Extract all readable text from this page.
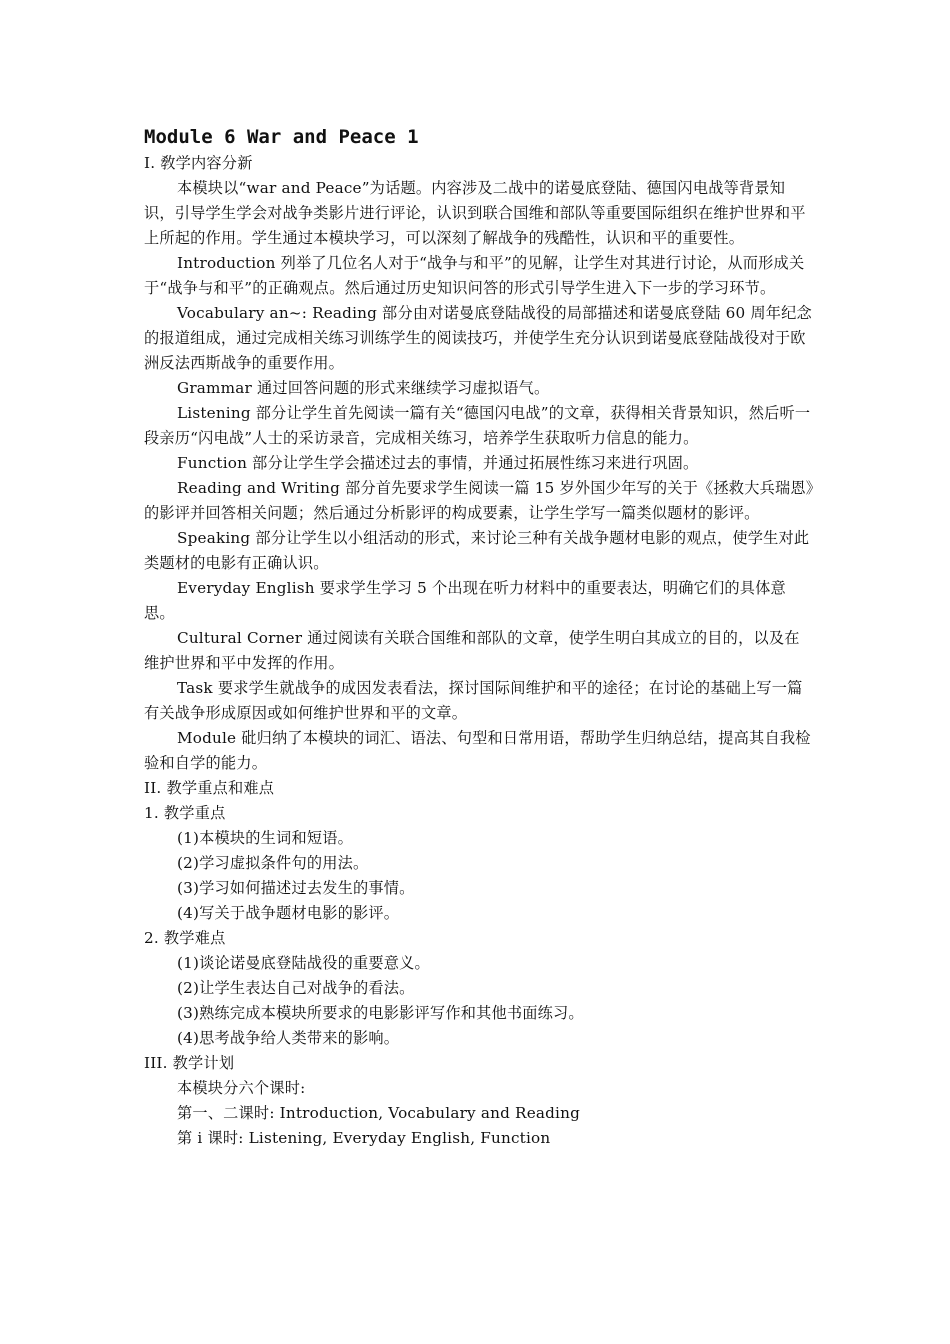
Module 6 War and Peace 1

I. 敎学内容分新

本模块以“war and Peace”为话题。内容涉及二战中的诺曼底登陆、德国闪电战等背景知识，引导学生学会对战争类影片进行评论，认识到联合国维和部队等重要国际组织在维护世界和平上所起的作用。学生通过本模块学习，可以深刻了解战争的残酷性，认识和平的重要性。

Introduction 列举了几位名人对于“战争与和平”的见解，让学生对其进行讨论，从而形成关于“战争与和平”的正确观点。然后通过历史知识问答的形式引导学生进入下一步的学习环节。

Vocabulary an~: Reading 部分由对诺曼底登陆战役的局部描述和诺曼底登陆 60 周年纪念的报道组成，通过完成相关练习训练学生的阅读技巧，并使学生充分认识到诺曼底登陆战役对于欧洲反法西斯战争的重要作用。

Grammar 通过回答问题的形式来继续学习虚拟语气。

Listening 部分让学生首先阅读一篇有关“德国闪电战”的文章，获得相关背景知识，然后听一段亲历“闪电战”人士的采访录音，完成相关练习，培养学生获取听力信息的能力。

Function 部分让学生学会描述过去的事情，并通过拓展性练习来进行巩固。

Reading and Writing 部分首先要求学生阅读一篇 15 岁外国少年写的关于《拯救大兵瑞恩》的影评并回答相关问题；然后通过分析影评的构成要素，让学生学写一篇类似题材的影评。

Speaking 部分让学生以小组活动的形式，来讨论三种有关战争题材电影的观点，使学生对此类题材的电影有正确认识。

Everyday English 要求学生学习 5 个出现在听力材料中的重要表达，明确它们的具体意思。

Cultural Corner 通过阅读有关联合国维和部队的文章，使学生明白其成立的目的，以及在维护世界和平中发挥的作用。

Task 要求学生就战争的成因发表看法，探讨国际间维护和平的途径；在讨论的基础上写一篇有关战争形成原因或如何维护世界和平的文章。

Module 砒归纳了本模块的词汇、语法、句型和日常用语，帮助学生归纳总结，提高其自我检验和自学的能力。

II. 教学重点和难点

1. 教学重点

(1)本模块的生词和短语。

(2)学习虚拟条件句的用法。

(3)学习如何描述过去发生的事情。

(4)写关于战争题材电影的影评。

2. 教学难点

(1)谈论诺曼底登陆战役的重要意义。

(2)让学生表达自己对战争的看法。

(3)熟练完成本模块所要求的电影影评写作和其他书面练习。

(4)思考战争给人类带来的影响。

III. 教学计划

本模块分六个课时:

第一、二课时: Introduction, Vocabulary and Reading

第 i 课时: Listening, Everyday English, Function
